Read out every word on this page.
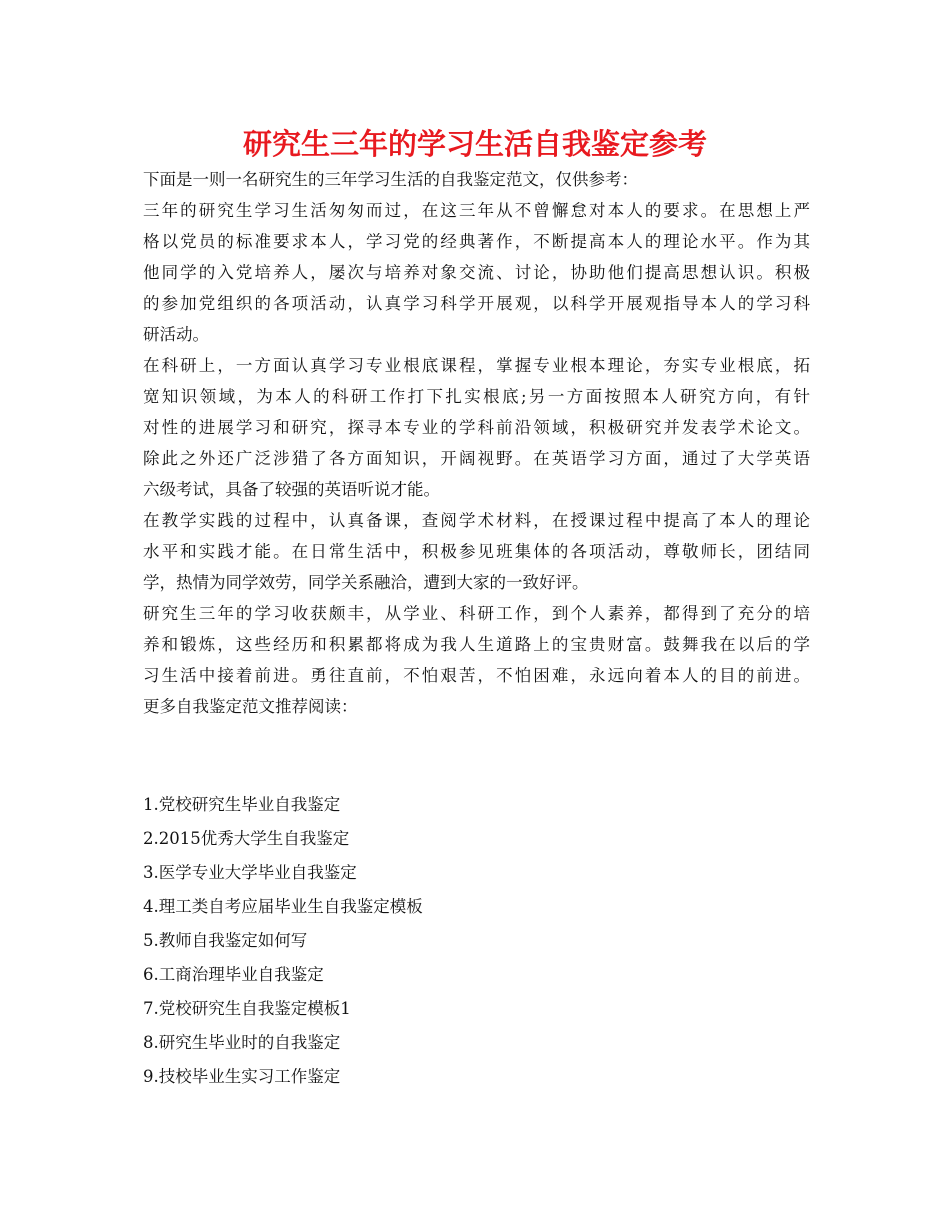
研究生三年的学习生活自我鉴定参考
下面是一则一名研究生的三年学习生活的自我鉴定范文，仅供参考：
三年的研究生学习生活匆匆而过，在这三年从不曾懈怠对本人的要求。在思想上严
格以党员的标准要求本人，学习党的经典著作，不断提高本人的理论水平。作为其
他同学的入党培养人，屡次与培养对象交流、讨论，协助他们提高思想认识。积极
的参加党组织的各项活动，认真学习科学开展观，以科学开展观指导本人的学习科
研活动。
在科研上，一方面认真学习专业根底课程，掌握专业根本理论，夯实专业根底，拓
宽知识领域，为本人的科研工作打下扎实根底;另一方面按照本人研究方向，有针
对性的进展学习和研究，探寻本专业的学科前沿领域，积极研究并发表学术论文。
除此之外还广泛涉猎了各方面知识，开阔视野。在英语学习方面，通过了大学英语
六级考试，具备了较强的英语听说才能。
在教学实践的过程中，认真备课，查阅学术材料，在授课过程中提高了本人的理论
水平和实践才能。在日常生活中，积极参见班集体的各项活动，尊敬师长，团结同
学，热情为同学效劳，同学关系融洽，遭到大家的一致好评。
研究生三年的学习收获颇丰，从学业、科研工作，到个人素养，都得到了充分的培
养和锻炼，这些经历和积累都将成为我人生道路上的宝贵财富。鼓舞我在以后的学
习生活中接着前进。勇往直前，不怕艰苦，不怕困难，永远向着本人的目的前进。
更多自我鉴定范文推荐阅读：
1.党校研究生毕业自我鉴定
2.2015优秀大学生自我鉴定
3.医学专业大学毕业自我鉴定
4.理工类自考应届毕业生自我鉴定模板
5.教师自我鉴定如何写
6.工商治理毕业自我鉴定
7.党校研究生自我鉴定模板1
8.研究生毕业时的自我鉴定
9.技校毕业生实习工作鉴定
